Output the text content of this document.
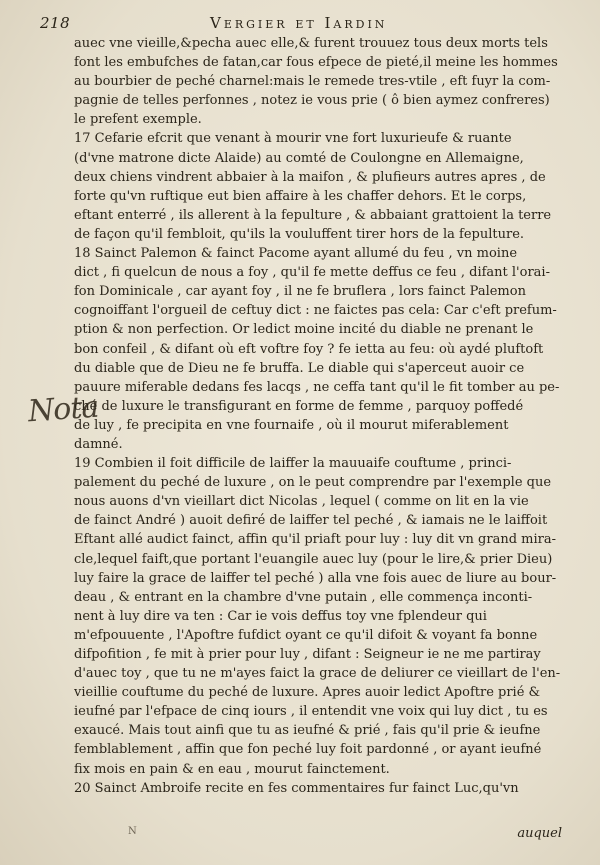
218	Vergier et Iardin
Nota

auec vne vieille,&pecha auec elle,& furent trouuez tous deux morts tels
font les embufches de fatan,car fous efpece de pieté,il meine les hommes
au bourbier de peché charnel:mais le remede tres-vtile , eft fuyr la com-
pagnie de telles perfonnes , notez ie vous prie ( ô bien aymez confreres)
le prefent exemple.

17 Cefarie efcrit que venant à mourir vne fort luxurieufe & ruante
(d'vne matrone dicte Alaide) au comté de Coulongne en Allemaigne,
deux chiens vindrent abbaier à la maifon , & plufieurs autres apres , de
forte qu'vn ruftique eut bien affaire à les chaffer dehors. Et le corps,
eftant enterré , ils allerent à la fepulture , & abbaiant grattoient la terre
de façon qu'il fembloit, qu'ils la vouluffent tirer hors de la fepulture.

18 Sainct Palemon & fainct Pacome ayant allumé du feu , vn moine
dict , fi quelcun de nous a foy , qu'il fe mette deffus ce feu , difant l'orai-
fon Dominicale , car ayant foy , il ne fe bruflera , lors fainct Palemon
cognoiffant l'orgueil de ceftuy dict : ne faictes pas cela: Car c'eft prefum-
ption & non perfection. Or ledict moine incité du diable ne prenant le
bon confeil , & difant où eft voftre foy ? fe ietta au feu: où aydé pluftoft
du diable que de Dieu ne fe bruffa. Le diable qui s'aperceut auoir ce
pauure miferable dedans fes lacqs , ne ceffa tant qu'il le fit tomber au pe-
ché de luxure le transfigurant en forme de femme , parquoy poffedé
de luy , fe precipita en vne fournaife , où il mourut miferablement
damné.

19 Combien il foit difficile de laiffer la mauuaife couftume , princi-
palement du peché de luxure , on le peut comprendre par l'exemple que
nous auons d'vn vieillart dict Nicolas , lequel ( comme on lit en la vie
de fainct André ) auoit defiré de laiffer tel peché , & iamais ne le laiffoit
Eftant allé audict fainct, affin qu'il priaft pour luy : luy dit vn grand mira-
cle,lequel faift,que portant l'euangile auec luy (pour le lire,& prier Dieu)
luy faire la grace de laiffer tel peché ) alla vne fois auec de liure au bour-
deau , & entrant en la chambre d'vne putain , elle commença inconti-
nent à luy dire va ten : Car ie vois deffus toy vne fplendeur qui
m'efpouuente , l'Apoftre fufdict oyant ce qu'il difoit & voyant fa bonne
difpofition , fe mit à prier pour luy , difant : Seigneur ie ne me partiray
d'auec toy , que tu ne m'ayes faict la grace de deliurer ce vieillart de l'en-
vieillie couftume du peché de luxure. Apres auoir ledict Apoftre prié &
ieufné par l'efpace de cinq iours , il entendit vne voix qui luy dict , tu es
exaucé. Mais tout ainfi que tu as ieufné & prié , fais qu'il prie & ieufne
femblablement , affin que fon peché luy foit pardonné , or ayant ieufné
fix mois en pain & en eau , mourut fainctement.

20 Sainct Ambroife recite en fes commentaires fur fainct Luc,qu'vn

N	auquel
